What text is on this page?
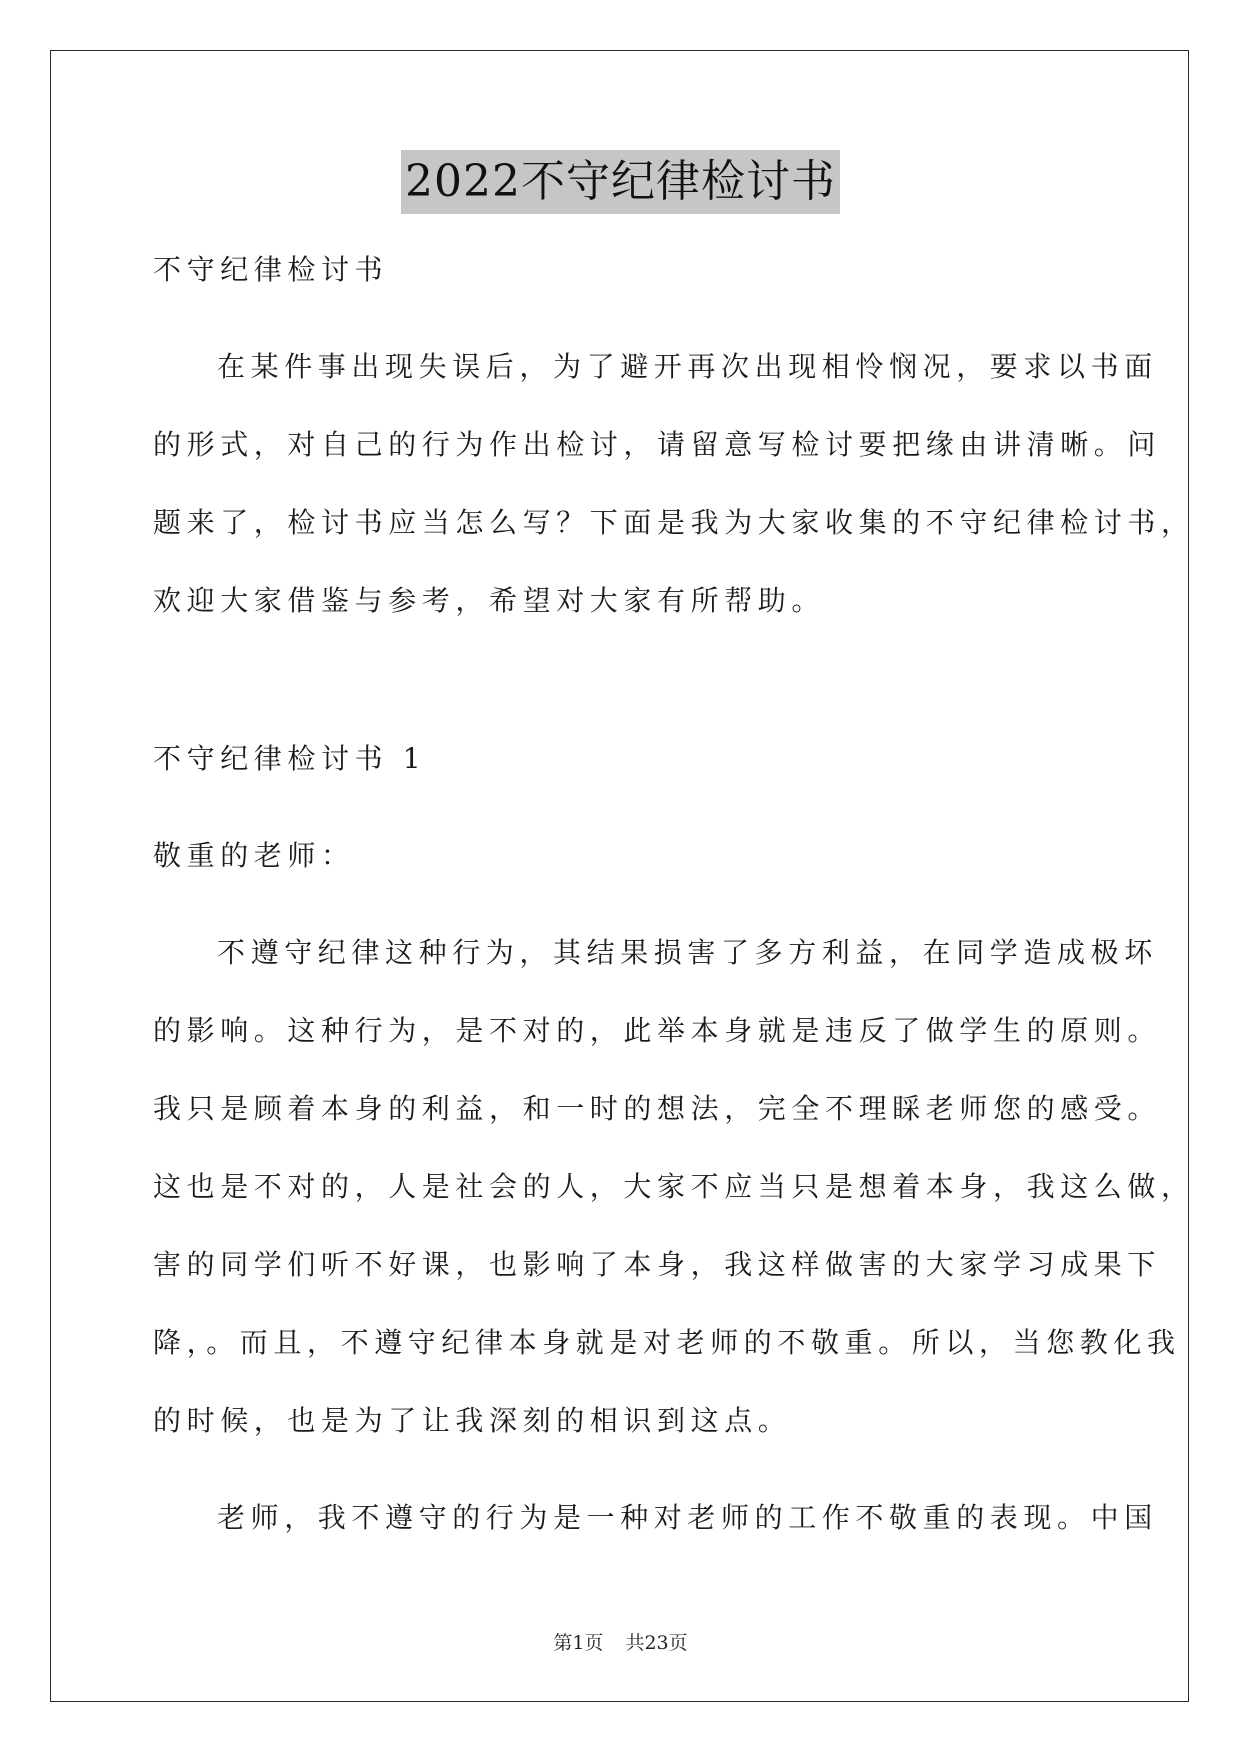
2022不守纪律检讨书
不守纪律检讨书
在某件事出现失误后，为了避开再次出现相怜悯况，要求以书面
的形式，对自己的行为作出检讨，请留意写检讨要把缘由讲清晰。问
题来了，检讨书应当怎么写？下面是我为大家收集的不守纪律检讨书，
欢迎大家借鉴与参考，希望对大家有所帮助。
不守纪律检讨书 1
敬重的老师：
不遵守纪律这种行为，其结果损害了多方利益，在同学造成极坏
的影响。这种行为，是不对的，此举本身就是违反了做学生的原则。
我只是顾着本身的利益，和一时的想法，完全不理睬老师您的感受。
这也是不对的，人是社会的人，大家不应当只是想着本身，我这么做，
害的同学们听不好课，也影响了本身，我这样做害的大家学习成果下
降，。而且，不遵守纪律本身就是对老师的不敬重。所以，当您教化我
的时候，也是为了让我深刻的相识到这点。
老师，我不遵守的行为是一种对老师的工作不敬重的表现。中国
第1页 共23页
